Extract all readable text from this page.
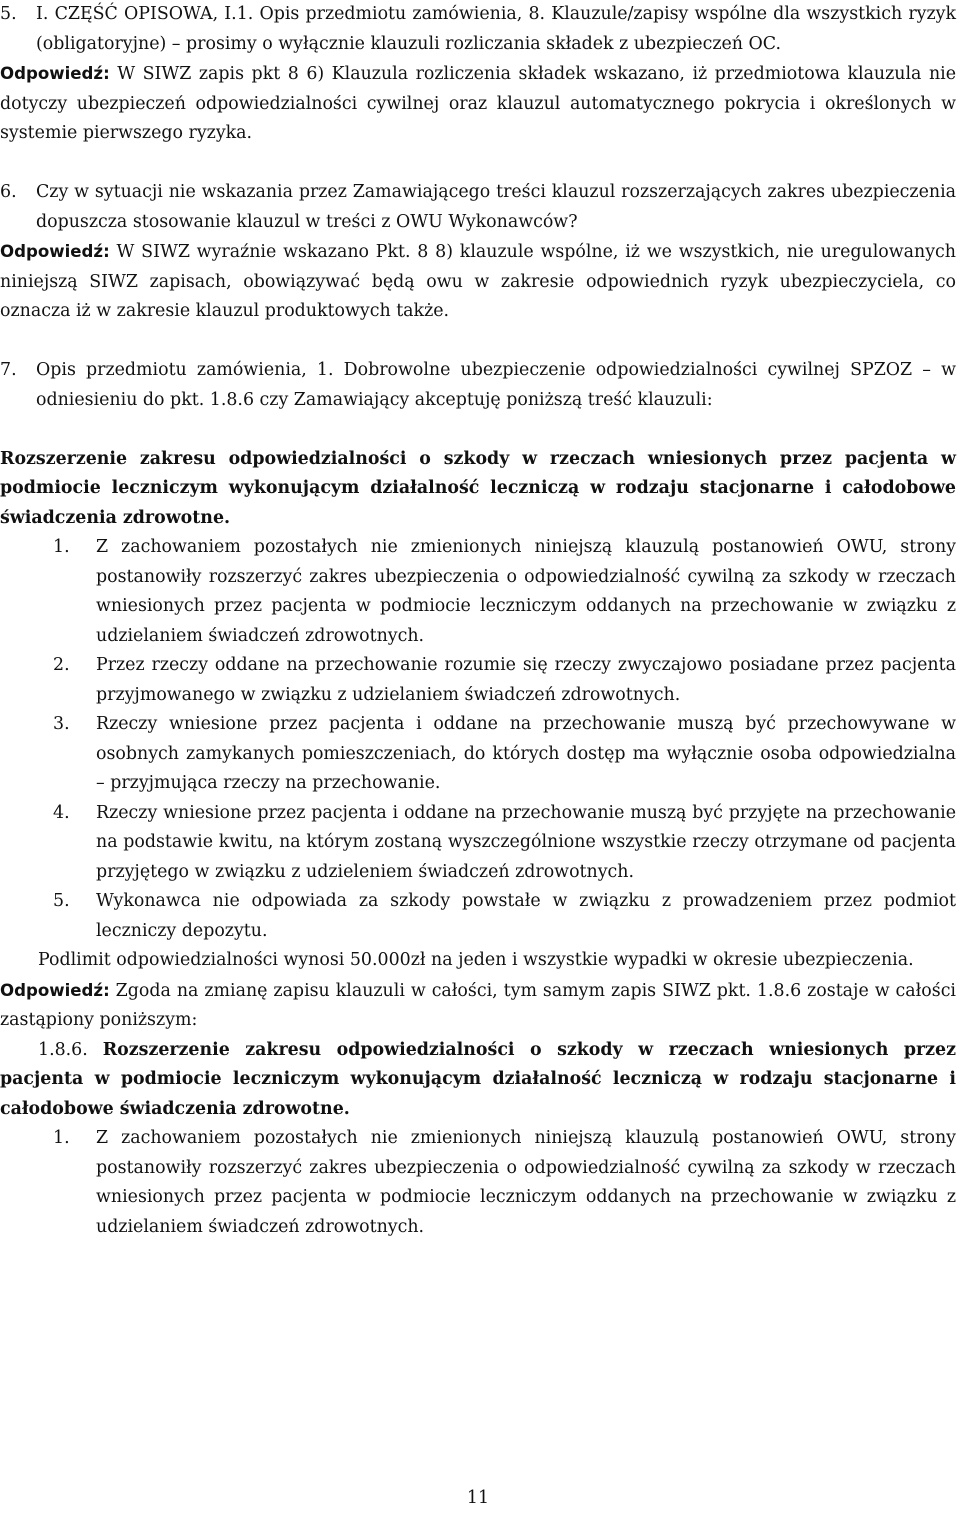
5. I. CZĘŚĆ OPISOWA, I.1. Opis przedmiotu zamówienia, 8. Klauzule/zapisy wspólne dla wszystkich ryzyk (obligatoryjne) – prosimy o wyłącznie klauzuli rozliczania składek z ubezpieczeń OC.

Odpowiedź: W SIWZ zapis pkt 8 6) Klauzula rozliczenia składek wskazano, iż przedmiotowa klauzula nie dotyczy ubezpieczeń odpowiedzialności cywilnej oraz klauzul automatycznego pokrycia i określonych w systemie pierwszego ryzyka.

6. Czy w sytuacji nie wskazania przez Zamawiającego treści klauzul rozszerzających zakres ubezpieczenia dopuszcza stosowanie klauzul w treści z OWU Wykonawców?

Odpowiedź: W SIWZ wyraźnie wskazano Pkt. 8 8) klauzule wspólne, iż we wszystkich, nie uregulowanych niniejszą SIWZ zapisach, obowiązywać będą owu w zakresie odpowiednich ryzyk ubezpieczyciela, co oznacza iż w zakresie klauzul produktowych także.

7. Opis przedmiotu zamówienia, 1. Dobrowolne ubezpieczenie odpowiedzialności cywilnej SPZOZ – w odniesieniu do pkt. 1.8.6 czy Zamawiający akceptuję poniższą treść klauzuli:

Rozszerzenie zakresu odpowiedzialności o szkody w rzeczach wniesionych przez pacjenta w podmiocie leczniczym wykonującym działalność leczniczą w rodzaju stacjonarne i całodobowe świadczenia zdrowotne.

1. Z zachowaniem pozostałych nie zmienionych niniejszą klauzulą postanowień OWU, strony postanowiły rozszerzyć zakres ubezpieczenia o odpowiedzialność cywilną za szkody w rzeczach wniesionych przez pacjenta w podmiocie leczniczym oddanych na przechowanie w związku z udzielaniem świadczeń zdrowotnych.

2. Przez rzeczy oddane na przechowanie rozumie się rzeczy zwyczajowo posiadane przez pacjenta przyjmowanego w związku z udzielaniem świadczeń zdrowotnych.

3. Rzeczy wniesione przez pacjenta i oddane na przechowanie muszą być przechowywane w osobnych zamykanych pomieszczeniach, do których dostęp ma wyłącznie osoba odpowiedzialna – przyjmująca rzeczy na przechowanie.

4. Rzeczy wniesione przez pacjenta i oddane na przechowanie muszą być przyjęte na przechowanie na podstawie kwitu, na którym zostaną wyszczególnione wszystkie rzeczy otrzymane od pacjenta przyjętego w związku z udzieleniem świadczeń zdrowotnych.

5. Wykonawca nie odpowiada za szkody powstałe w związku z prowadzeniem przez podmiot leczniczy depozytu.

Podlimit odpowiedzialności wynosi 50.000zł na jeden i wszystkie wypadki w okresie ubezpieczenia.

Odpowiedź: Zgoda na zmianę zapisu klauzuli w całości, tym samym zapis SIWZ pkt. 1.8.6 zostaje w całości zastąpiony poniższym:

1.8.6. Rozszerzenie zakresu odpowiedzialności o szkody w rzeczach wniesionych przez pacjenta w podmiocie leczniczym wykonującym działalność leczniczą w rodzaju stacjonarne i całodobowe świadczenia zdrowotne.

1. Z zachowaniem pozostałych nie zmienionych niniejszą klauzulą postanowień OWU, strony postanowiły rozszerzyć zakres ubezpieczenia o odpowiedzialność cywilną za szkody w rzeczach wniesionych przez pacjenta w podmiocie leczniczym oddanych na przechowanie w związku z udzielaniem świadczeń zdrowotnych.

11
